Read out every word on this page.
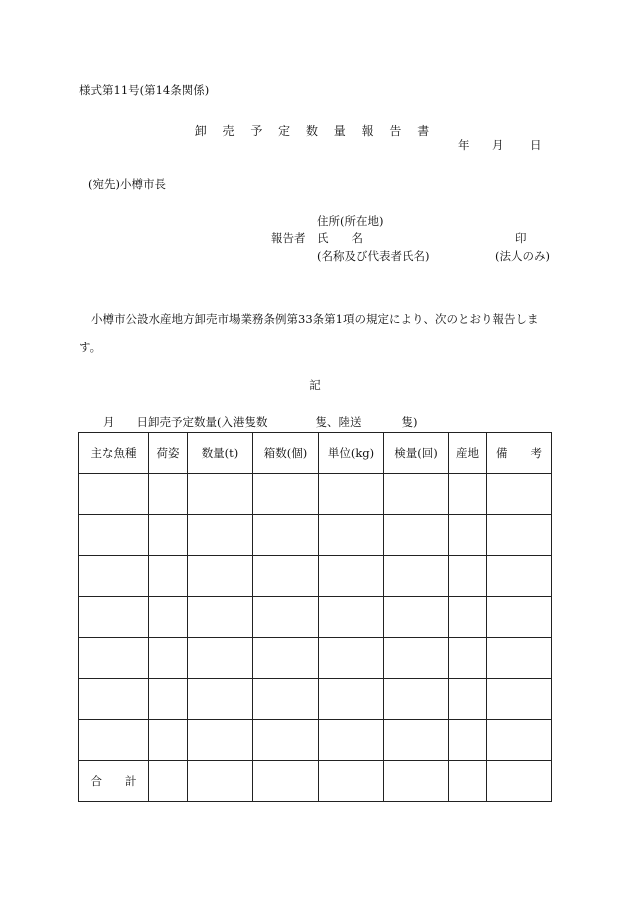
様式第11号(第14条関係)
卸 売 予 定 数 量 報 告 書
年 月 日
(宛先)小樽市長
住所(所在地)
報告者 氏　　名	印
(名称及び代表者氏名)	(法人のみ)
小樽市公設水産地方卸売市場業務条例第33条第1項の規定により、次のとおり報告します。
記
月 日卸売予定数量(入港隻数	隻、陸送	隻)
主な魚種	荷姿	数量(t)	箱数(個)	単位(kg)	検量(回)	産地	備　　考

合　　計							
